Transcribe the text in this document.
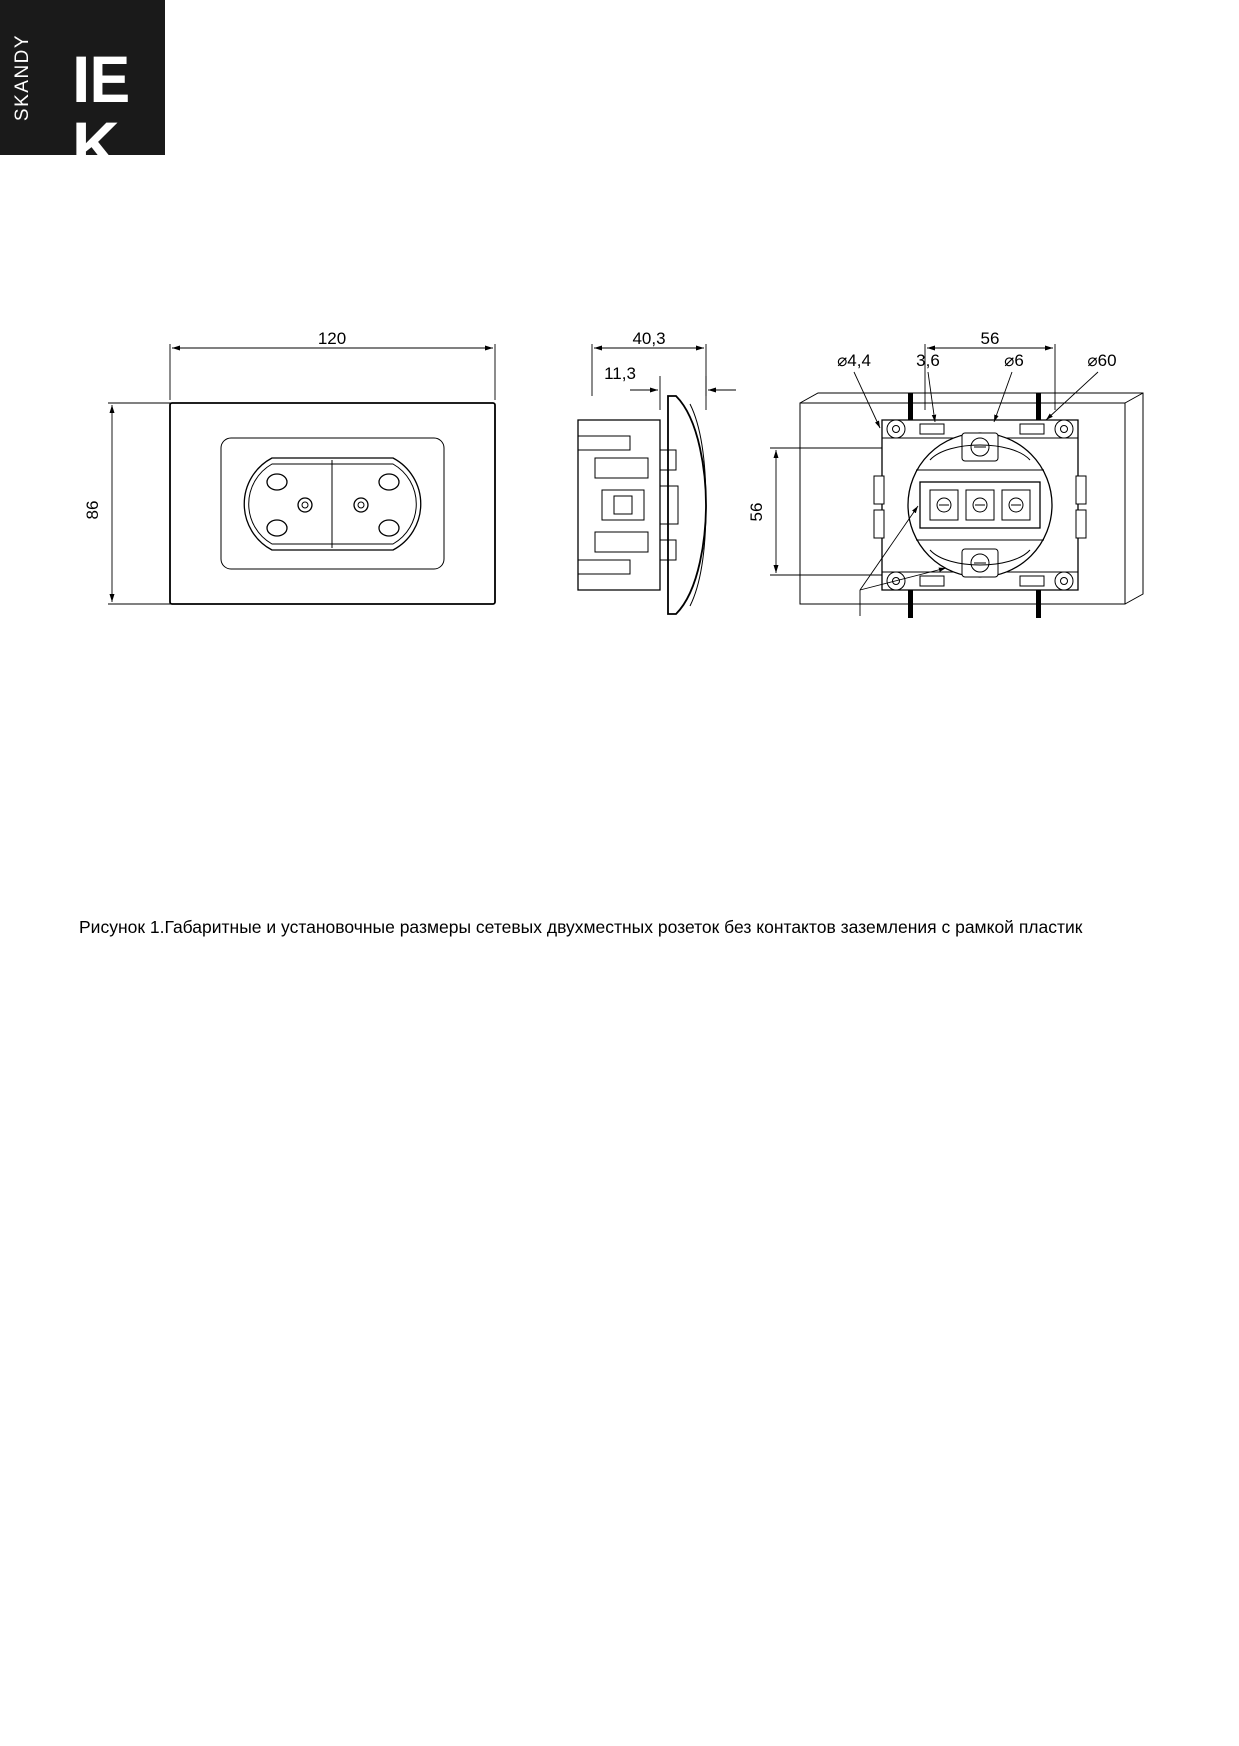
SKANDY IEK
120
86
40,3
11,3
56
56
⌀4,4	3,6	⌀6	⌀60
Рисунок 1.Габаритные и установочные размеры сетевых двухместных розеток без контактов заземления с рамкой пластик
